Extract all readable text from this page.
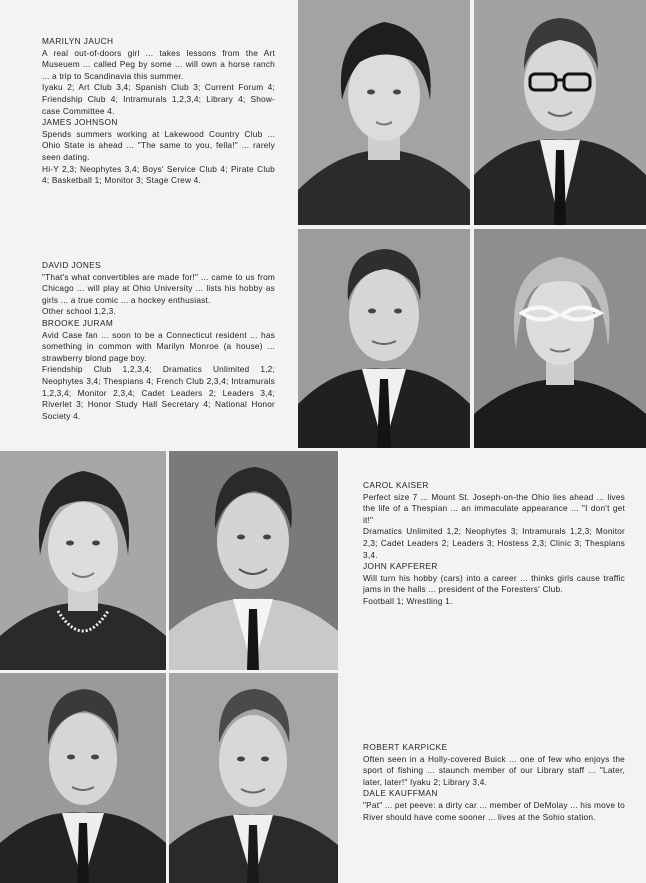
MARILYN JAUCH
A real out-of-doors girl ... takes lessons from the Art Museuem ... called Peg by some ... will own a horse ranch ... a trip to Scandinavia this summer.
Iyaku 2; Art Club 3,4; Spanish Club 3; Current Forum 4; Friendship Club 4; Intramurals 1,2,3,4; Library 4; Show-case Committee 4.
JAMES JOHNSON
Spends summers working at Lakewood Country Club ... Ohio State is ahead ... "The same to you, fella!" ... rarely seen dating.
Hi-Y 2,3; Neophytes 3,4; Boys' Service Club 4; Pirate Club 4; Basketball 1; Monitor 3; Stage Crew 4.
DAVID JONES
"That's what convertibles are made for!" ... came to us from Chicago ... will play at Ohio University ... lists his hobby as girls ... a true comic ... a hockey enthusiast.
Other school 1,2,3.
BROOKE JURAM
Avid Case fan ... soon to be a Connecticut resident ... has something in common with Marilyn Monroe (a house) ... strawberry blond page boy.
Friendship Club 1,2,3,4; Dramatics Unlimited 1,2; Neophytes 3,4; Thespians 4; French Club 2,3,4; Intramurals 1,2,3,4; Monitor 2,3,4; Cadet Leaders 2; Leaders 3,4; Riverlet 3; Honor Study Hall Secretary 4; National Honor Society 4.
CAROL KAISER
Perfect size 7 ... Mount St. Joseph-on-the Ohio lies ahead ... lives the life of a Thespian ... an immaculate appearance ... "I don't get it!"
Dramatics Unlimited 1,2; Neophytes 3; Intramurals 1,2,3; Monitor 2,3; Cadet Leaders 2; Leaders 3; Hostess 2,3; Clinic 3; Thespians 3,4.
JOHN KAPFERER
Will turn his hobby (cars) into a career ... thinks girls cause traffic jams in the halls ... president of the Foresters' Club.
Football 1; Wrestling 1.
ROBERT KARPICKE
Often seen in a Holly-covered Buick ... one of few who enjoys the sport of fishing ... staunch member of our Library staff ... "Later, later, later!" Iyaku 2; Library 3,4.
DALE KAUFFMAN
"Pat" ... pet peeve: a dirty car ... member of DeMolay ... his move to River should have come sooner ... lives at the Sohio station.
